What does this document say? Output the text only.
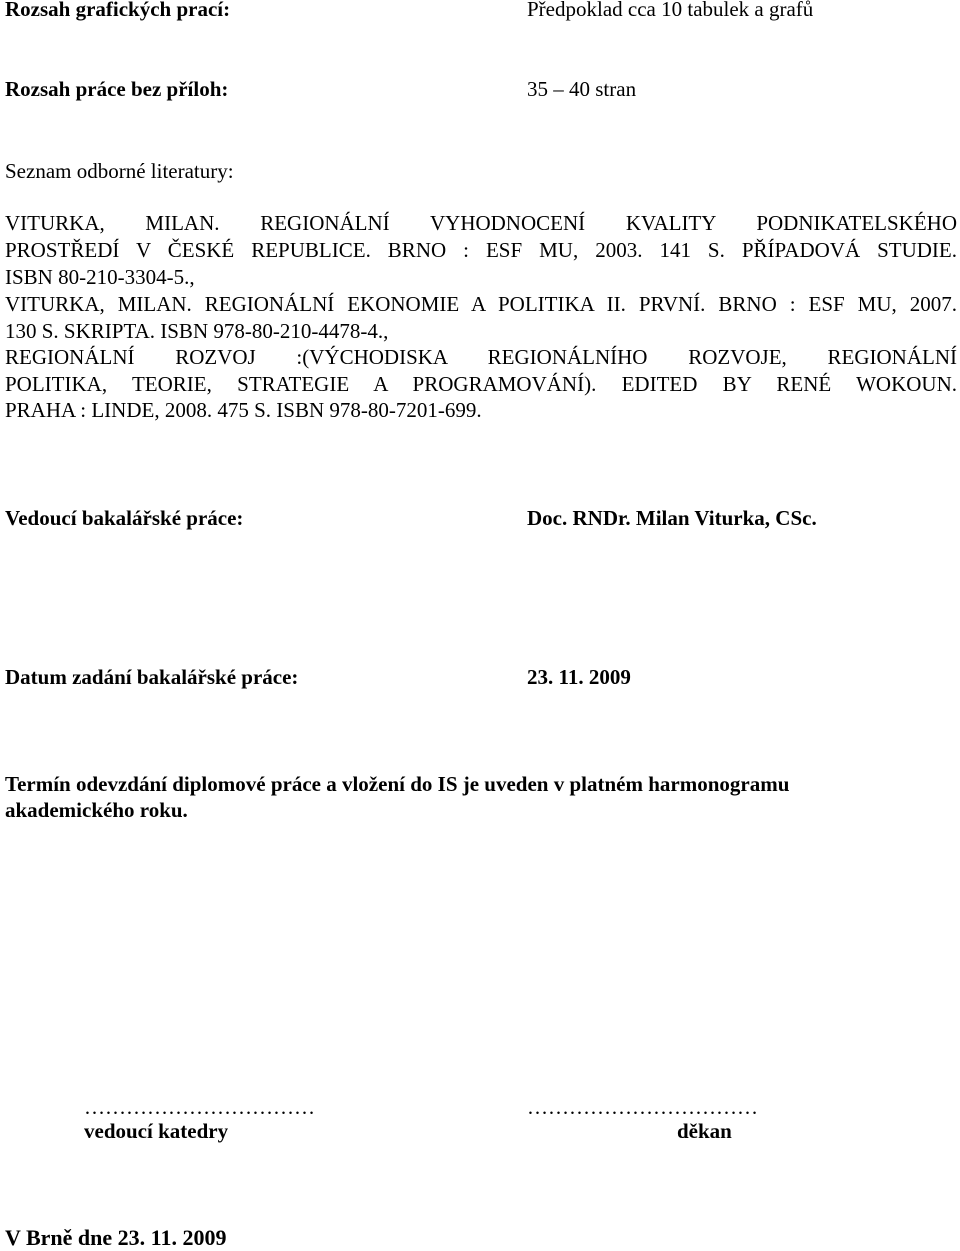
Rozsah grafických prací:	Předpoklad cca 10 tabulek a grafů
Rozsah práce bez příloh:	35 – 40 stran
Seznam odborné literatury:
VITURKA, MILAN. REGIONÁLNÍ VYHODNOCENÍ KVALITY PODNIKATELSKÉHO
PROSTŘEDÍ V ČESKÉ REPUBLICE. BRNO : ESF MU, 2003. 141 S. PŘÍPADOVÁ STUDIE.
ISBN 80-210-3304-5.,
VITURKA, MILAN. REGIONÁLNÍ EKONOMIE A POLITIKA II. PRVNÍ. BRNO : ESF MU, 2007.
130 S. SKRIPTA. ISBN 978-80-210-4478-4.,
REGIONÁLNÍ ROZVOJ :(VÝCHODISKA REGIONÁLNÍHO ROZVOJE, REGIONÁLNÍ
POLITIKA, TEORIE, STRATEGIE A PROGRAMOVÁNÍ). EDITED BY RENÉ WOKOUN.
PRAHA : LINDE, 2008. 475 S. ISBN 978-80-7201-699.
Vedoucí bakalářské práce:	Doc. RNDr. Milan Viturka, CSc.
Datum zadání bakalářské práce:	23. 11. 2009
Termín odevzdání diplomové práce a vložení do IS je uveden v platném harmonogramu
akademického roku.
……………………………
vedoucí katedry
……………………………
děkan
V Brně dne 23. 11. 2009
